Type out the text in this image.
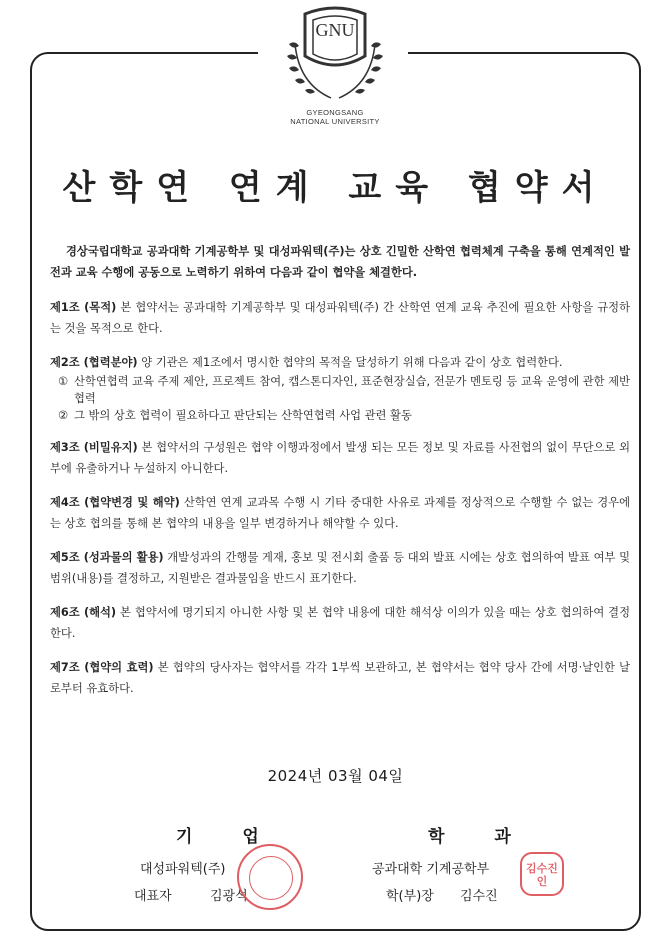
GNU
GYEONGSANG
NATIONAL UNIVERSITY
산학연 연계 교육 협약서

경상국립대학교 공과대학 기계공학부 및 대성파워텍(주)는 상호 긴밀한 산학연 협력체계 구축을 통해 연계적인 발전과 교육 수행에 공동으로 노력하기 위하여 다음과 같이 협약을 체결한다.

제1조 (목적) 본 협약서는 공과대학 기계공학부 및 대성파워텍(주) 간 산학연 연계 교육 추진에 필요한 사항을 규정하는 것을 목적으로 한다.
제2조 (협력분야) 양 기관은 제1조에서 명시한 협약의 목적을 달성하기 위해 다음과 같이 상호 협력한다.
① 산학연협력 교육 주제 제안, 프로젝트 참여, 캡스톤디자인, 표준현장실습, 전문가 멘토링 등 교육 운영에 관한 제반 협력
② 그 밖의 상호 협력이 필요하다고 판단되는 산학연협력 사업 관련 활동
제3조 (비밀유지) 본 협약서의 구성원은 협약 이행과정에서 발생 되는 모든 정보 및 자료를 사전협의 없이 무단으로 외부에 유출하거나 누설하지 아니한다.
제4조 (협약변경 및 해약) 산학연 연계 교과목 수행 시 기타 중대한 사유로 과제를 정상적으로 수행할 수 없는 경우에는 상호 협의를 통해 본 협약의 내용을 일부 변경하거나 해약할 수 있다.
제5조 (성과물의 활용) 개발성과의 간행물 게재, 홍보 및 전시회 출품 등 대외 발표 시에는 상호 협의하여 발표 여부 및 범위(내용)를 결정하고, 지원받은 결과물임을 반드시 표기한다.
제6조 (해석) 본 협약서에 명기되지 아니한 사항 및 본 협약 내용에 대한 해석상 이의가 있을 때는 상호 협의하여 결정한다.
제7조 (협약의 효력) 본 협약의 당사자는 협약서를 각각 1부씩 보관하고, 본 협약서는 협약 당사 간에 서명·날인한 날로부터 유효하다.
2024년 03월 04일
기 업	학 과
대성파워텍(주)
대표자	김광석
공과대학 기계공학부
학(부)장 김수진
김수진인
